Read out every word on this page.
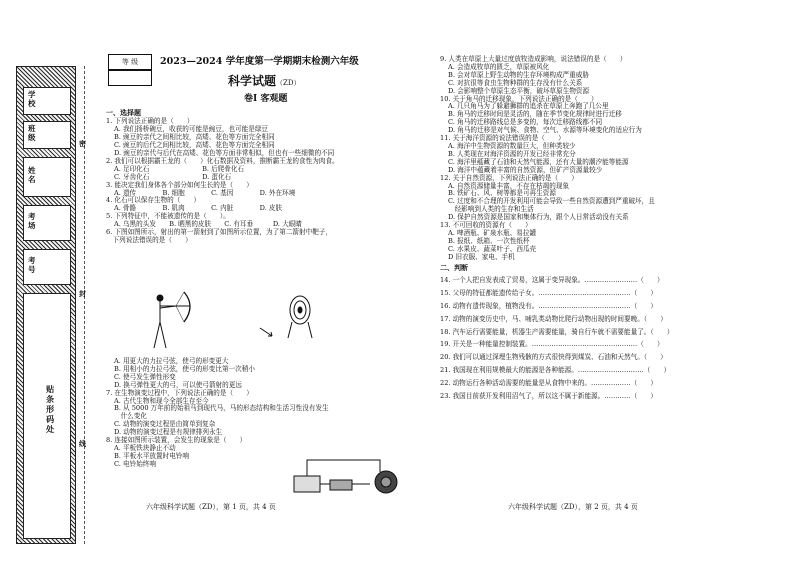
学校
班级
姓名
考场
考号
贴条形码处
密
封
线
等 级	2023—2024 学年度第一学期期末检测六年级
科学试题（ZD）
卷Ⅰ 客观题
一、选择题
1. 下列说法正确的是（　　）
A. 我们扬桥碗豆，收获的可能是豌豆，也可能是绿豆
B. 豌豆的亲代之间相比较，高矮、花色等方面完全相同
C. 豌豆的后代之间相比较，高矮、花色等方面完全相同
D. 豌豆的亲代与后代在高矮、花色等方面非常相似，但也有一些细微的不同
2. 我们可以根据霸王龙的（　　）化石数据及资料，推断霸王龙的食性为肉食。
A. 足印化石　　　　　　　　B. 后爬骨化石
C. 牙齿化石　　　　　　　　D. 蛋化石
3. 能决定我们身体各个部分如何生长的是（　　）
A. 遗传　　　　B. 细胞　　　　C. 基因　　　　D. 外在环境
4. 化石可以保存生物的（　　）
A. 骨骼　　　　B. 肌肉　　　　C. 内脏　　　　D. 皮肤
5. 下列特征中，不能被遗传的是（　　）。
A. 乌黑的头发　　B. 晒黑的皮肤　　C. 有耳垂　　　D. 大眼睛
6. 下图如图所示，射出的第一箭射到了如图所示位置，为了第二箭射中靶子，
　下列说法错误的是（　　）
A. 用更大的力拉弓弦，使弓的形变更大
B. 用相小的力拉弓弦，使弓的形变比第一次稍小
C. 使弓发生弹性形变
D. 换弓弹性更大的弓，可以使弓箭射的更远
7. 在生物演变过程中，下列说法正确的是（　　）
A. 古代生物和现今全部生存至今
B. 从 5000 万年前的始祖马到现代马，马的形态结构和生活习性没有发生
　什么变化
C. 动物的演变过程是由简单到复杂
D. 动物的演变过程是有规律排列永生
8. 连接如图所示装置，会发生的现象是（　　）
A. 平板铁块静止不动
B. 平板水平放置时电铃响
C. 电铃始终响
六年级科学试题（ZD），第 1 页，共 4 页
9. 人类在草原上大量过度放牧造成影响，说法错误的是（　　）
A. 会造成牧草的匮乏，草原被风化
B. 会对草原上野生动物的生存环境构成严重威胁
C. 对抗很等食虫生物种群的生存没有什么关系
D. 会影响整个草原生态平衡，破坏草原生物资源
10. 关于角马的迁移现象，下列说法正确的是（　　）
A. 几只角马为了躲避狮群的追杀在草原上奔跑了几公里
B. 角马的迁移时间是灵活的，随在季节变化规律时进行迁移
C. 角马的迁移路线总是多变的，每次迁移路线都不同
D. 角马的迁移是对气候、食物、空气、水源等环境变化的适应行为
11. 关于海洋资源的说法错误的是（　　）
A. 海洋中生物资源的数量巨大，但种类较少
B. 人类现在对海洋资源的开发已经非常充分
C. 海洋里蕴藏了石油和天然气能源，还有大量的潮汐能等能源
D. 海洋中蕴藏着丰富的自然资源，但矿产资源量较少
12. 关于自然资源，下列说法正确的是（　　）
A. 自然资源储量丰富，不存在枯竭的现象
B. 铁矿石、风、树等都是可再生资源
C. 过度和不合理的开发利用可能会导致一些自然资源遭到严重破坏，且
　经影响到人类的生存和生活
D. 保护自然资源是国家和集体行为，跟个人日常活动没有关系
13. 不可回收的资源有（　　）
A. 啤酒瓶、矿泉水瓶、易拉罐
B. 报纸、纸箱、一次性纸杯
C. 水果皮、蔬菜叶子、西瓜壳
D 旧衣服、家电、手机
二、判断
14. 一个人把自发表成了贸易，这属于变异现象。……………………（　　）
15. 父母的特征都能遗传给子女。……………………………………（　　）
16. 动物有遗传现象，植物没有。……………………………………（　　）
17. 动物的演变历史中，马、哺乳类动物比爬行动物出现的时间要晚。（　　）
18. 汽车运行需要能量，机器生产需要能量，骑自行车就不需要能量了。（　　）
19. 开关是一种能量控制装置。…………………………………………（　　）
20. 我们可以通过深埋生物残骸的方式很快得到煤炭、石油和天然气。（　　）
21. 我国现在利用规模最大的能源是各种能源。…………………………（　　）
22. 动物运行各种活动需要的能量是从食物中来的。………………（　　）
23. 我国目前获开发利用沼气了，所以这不属于新能源。…………（　　）
六年级科学试题（ZD），第 2 页，共 4 页
